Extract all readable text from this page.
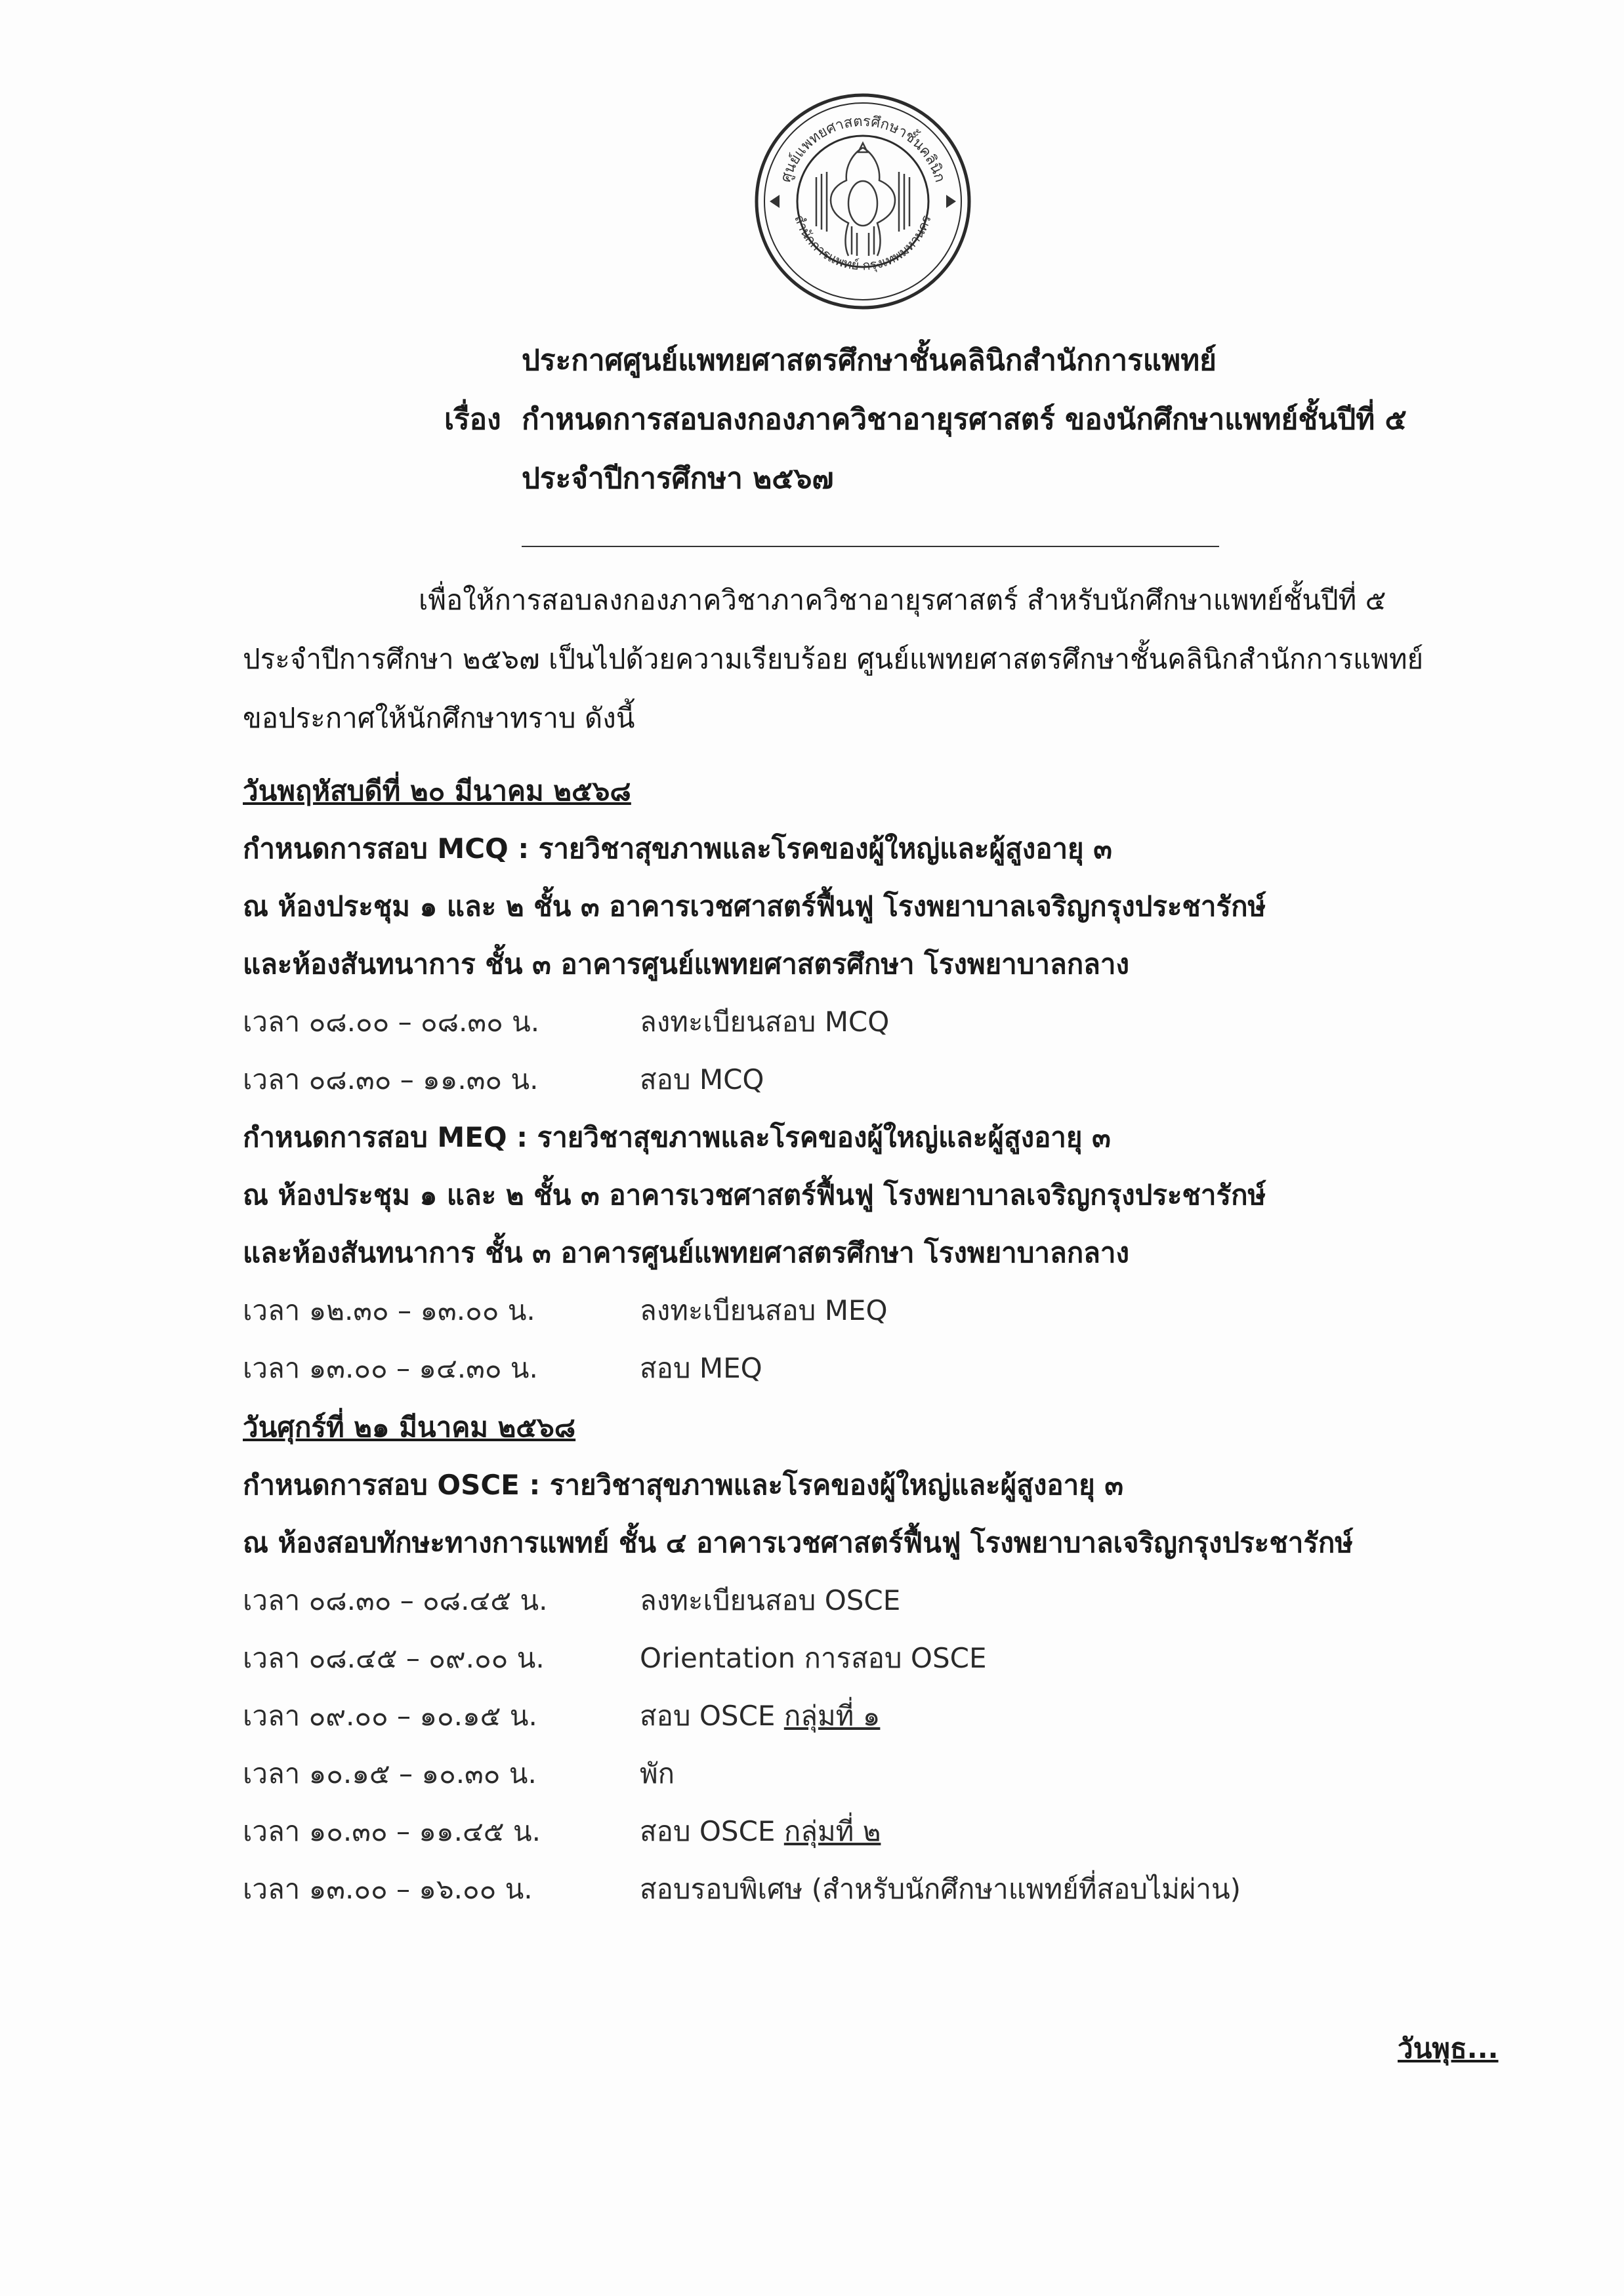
ศูนย์แพทยศาสตรศึกษาชั้นคลินิก
สำนักการแพทย์ กรุงเทพมหานคร
ประกาศศูนย์แพทยศาสตรศึกษาชั้นคลินิกสำนักการแพทย์
เรื่อง กำหนดการสอบลงกองภาควิชาอายุรศาสตร์ ของนักศึกษาแพทย์ชั้นปีที่ ๕
ประจำปีการศึกษา ๒๕๖๗

เพื่อให้การสอบลงกองภาควิชาภาควิชาอายุรศาสตร์ สำหรับนักศึกษาแพทย์ชั้นปีที่ ๕

ประจำปีการศึกษา ๒๕๖๗ เป็นไปด้วยความเรียบร้อย ศูนย์แพทยศาสตรศึกษาชั้นคลินิกสำนักการแพทย์

ขอประกาศให้นักศึกษาทราบ ดังนี้

วันพฤหัสบดีที่ ๒๐ มีนาคม ๒๕๖๘
กำหนดการสอบ MCQ : รายวิชาสุขภาพและโรคของผู้ใหญ่และผู้สูงอายุ ๓
ณ ห้องประชุม ๑ และ ๒ ชั้น ๓ อาคารเวชศาสตร์ฟื้นฟู โรงพยาบาลเจริญกรุงประชารักษ์
และห้องสันทนาการ ชั้น ๓ อาคารศูนย์แพทยศาสตรศึกษา โรงพยาบาลกลาง
เวลา ๐๘.๐๐ – ๐๘.๓๐ น.	ลงทะเบียนสอบ MCQ
เวลา ๐๘.๓๐ – ๑๑.๓๐ น.	สอบ MCQ
กำหนดการสอบ MEQ : รายวิชาสุขภาพและโรคของผู้ใหญ่และผู้สูงอายุ ๓
ณ ห้องประชุม ๑ และ ๒ ชั้น ๓ อาคารเวชศาสตร์ฟื้นฟู โรงพยาบาลเจริญกรุงประชารักษ์
และห้องสันทนาการ ชั้น ๓ อาคารศูนย์แพทยศาสตรศึกษา โรงพยาบาลกลาง
เวลา ๑๒.๓๐ – ๑๓.๐๐ น.	ลงทะเบียนสอบ MEQ
เวลา ๑๓.๐๐ – ๑๔.๓๐ น.	สอบ MEQ
วันศุกร์ที่ ๒๑ มีนาคม ๒๕๖๘
กำหนดการสอบ OSCE : รายวิชาสุขภาพและโรคของผู้ใหญ่และผู้สูงอายุ ๓
ณ ห้องสอบทักษะทางการแพทย์ ชั้น ๔ อาคารเวชศาสตร์ฟื้นฟู โรงพยาบาลเจริญกรุงประชารักษ์
เวลา ๐๘.๓๐ – ๐๘.๔๕ น.	ลงทะเบียนสอบ OSCE
เวลา ๐๘.๔๕ – ๐๙.๐๐ น.	Orientation การสอบ OSCE
เวลา ๐๙.๐๐ – ๑๐.๑๕ น.	สอบ OSCE กลุ่มที่ ๑
เวลา ๑๐.๑๕ – ๑๐.๓๐ น.	พัก
เวลา ๑๐.๓๐ – ๑๑.๔๕ น.	สอบ OSCE กลุ่มที่ ๒
เวลา ๑๓.๐๐ – ๑๖.๐๐ น.	สอบรอบพิเศษ (สำหรับนักศึกษาแพทย์ที่สอบไม่ผ่าน)
วันพุธ...
